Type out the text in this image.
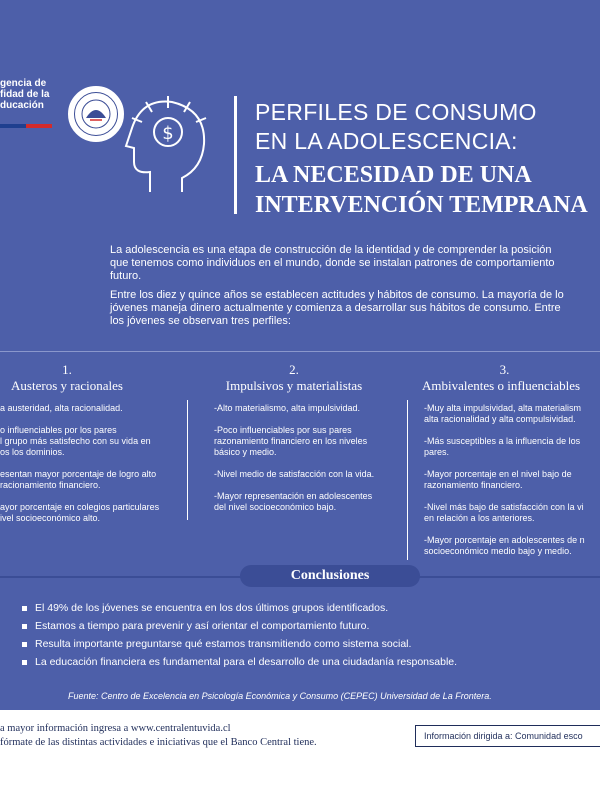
gencia de
ﬁdad de la
ducación
$
PERFILES DE CONSUMO
EN LA ADOLESCENCIA:
LA NECESIDAD DE UNA
INTERVENCIÓN TEMPRANA

La adolescencia es una etapa de construcción de la identidad y de comprender la posición
que tenemos como individuos en el mundo, donde se instalan patrones de comportamiento
futuro.

Entre los diez y quince años se establecen actitudes y hábitos de consumo. La mayoría de lo
jóvenes maneja dinero actualmente y comienza a desarrollar sus hábitos de consumo. Entre
los jóvenes se observan tres perfiles:

1.
Austeros y racionales
a austeridad, alta racionalidad.
o influenciables por los pares
l grupo más satisfecho con su vida en
os los dominios.
esentan mayor porcentaje de logro alto
racionamiento financiero.
ayor porcentaje en colegios particulares
ivel socioeconómico alto.
2.
Impulsivos y materialistas
-Alto materialismo, alta impulsividad.
-Poco influenciables por sus pares
razonamiento financiero en los niveles
básico y medio.
-Nivel medio de satisfacción con la vida.
-Mayor representación en adolescentes
del nivel socioeconómico bajo.
3.
Ambivalentes o influenciables
-Muy alta impulsividad, alta materialism
alta racionalidad y alta compulsividad.
-Más susceptibles a la influencia de los
pares.
-Mayor porcentaje en el nivel bajo de
razonamiento financiero.
-Nivel más bajo de satisfacción con la vi
en relación a los anteriores.
-Mayor porcentaje en adolescentes de n
socioeconómico medio bajo y medio.
Conclusiones
El 49% de los jóvenes se encuentra en los dos últimos grupos identificados.
Estamos a tiempo para prevenir y así orientar el comportamiento futuro.
Resulta importante preguntarse qué estamos transmitiendo como sistema social.
La educación financiera es fundamental para el desarrollo de una ciudadanía responsable.
Fuente: Centro de Excelencia en Psicología Económica y Consumo (CEPEC) Universidad de La Frontera.
a mayor información ingresa a www.centralentuvida.cl
fórmate de las distintas actividades e iniciativas que el Banco Central tiene.
Información dirigida a: Comunidad esco
